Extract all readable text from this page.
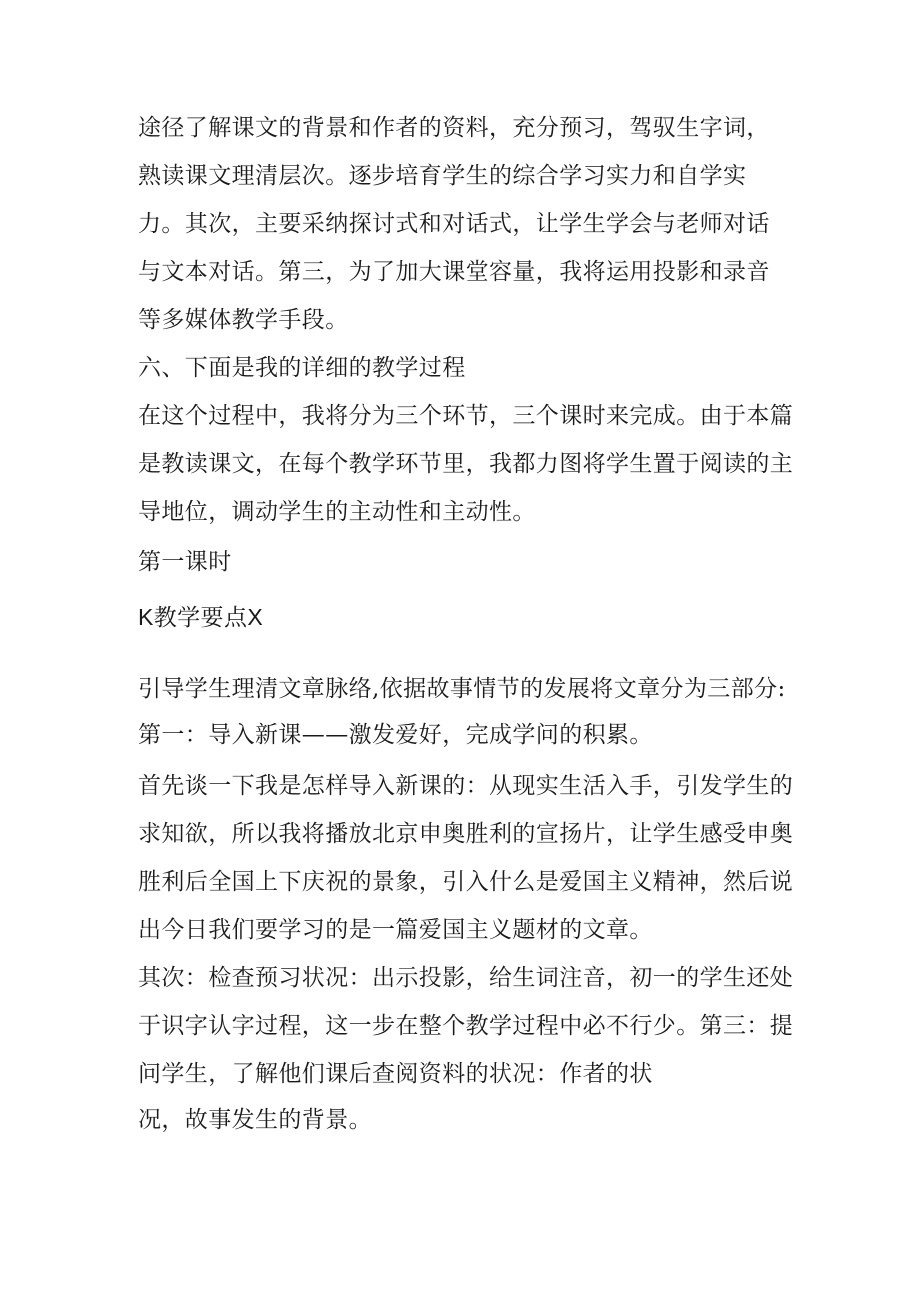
途径了解课文的背景和作者的资料，充分预习，驾驭生字词，

熟读课文理清层次。逐步培育学生的综合学习实力和自学实

力。其次，主要采纳探讨式和对话式，让学生学会与老师对话

与文本对话。第三，为了加大课堂容量，我将运用投影和录音

等多媒体教学手段。

六、下面是我的详细的教学过程

在这个过程中，我将分为三个环节，三个课时来完成。由于本篇

是教读课文，在每个教学环节里，我都力图将学生置于阅读的主

导地位，调动学生的主动性和主动性。

第一课时

K教学要点X

引导学生理清文章脉络,依据故事情节的发展将文章分为三部分:

第一：导入新课——激发爱好，完成学问的积累。

首先谈一下我是怎样导入新课的：从现实生活入手，引发学生的

求知欲，所以我将播放北京申奥胜利的宣扬片，让学生感受申奥

胜利后全国上下庆祝的景象，引入什么是爱国主义精神，然后说

出今日我们要学习的是一篇爱国主义题材的文章。

其次：检查预习状况：出示投影，给生词注音，初一的学生还处

于识字认字过程，这一步在整个教学过程中必不行少。第三：提

问学生，了解他们课后查阅资料的状况：作者的状

况，故事发生的背景。
